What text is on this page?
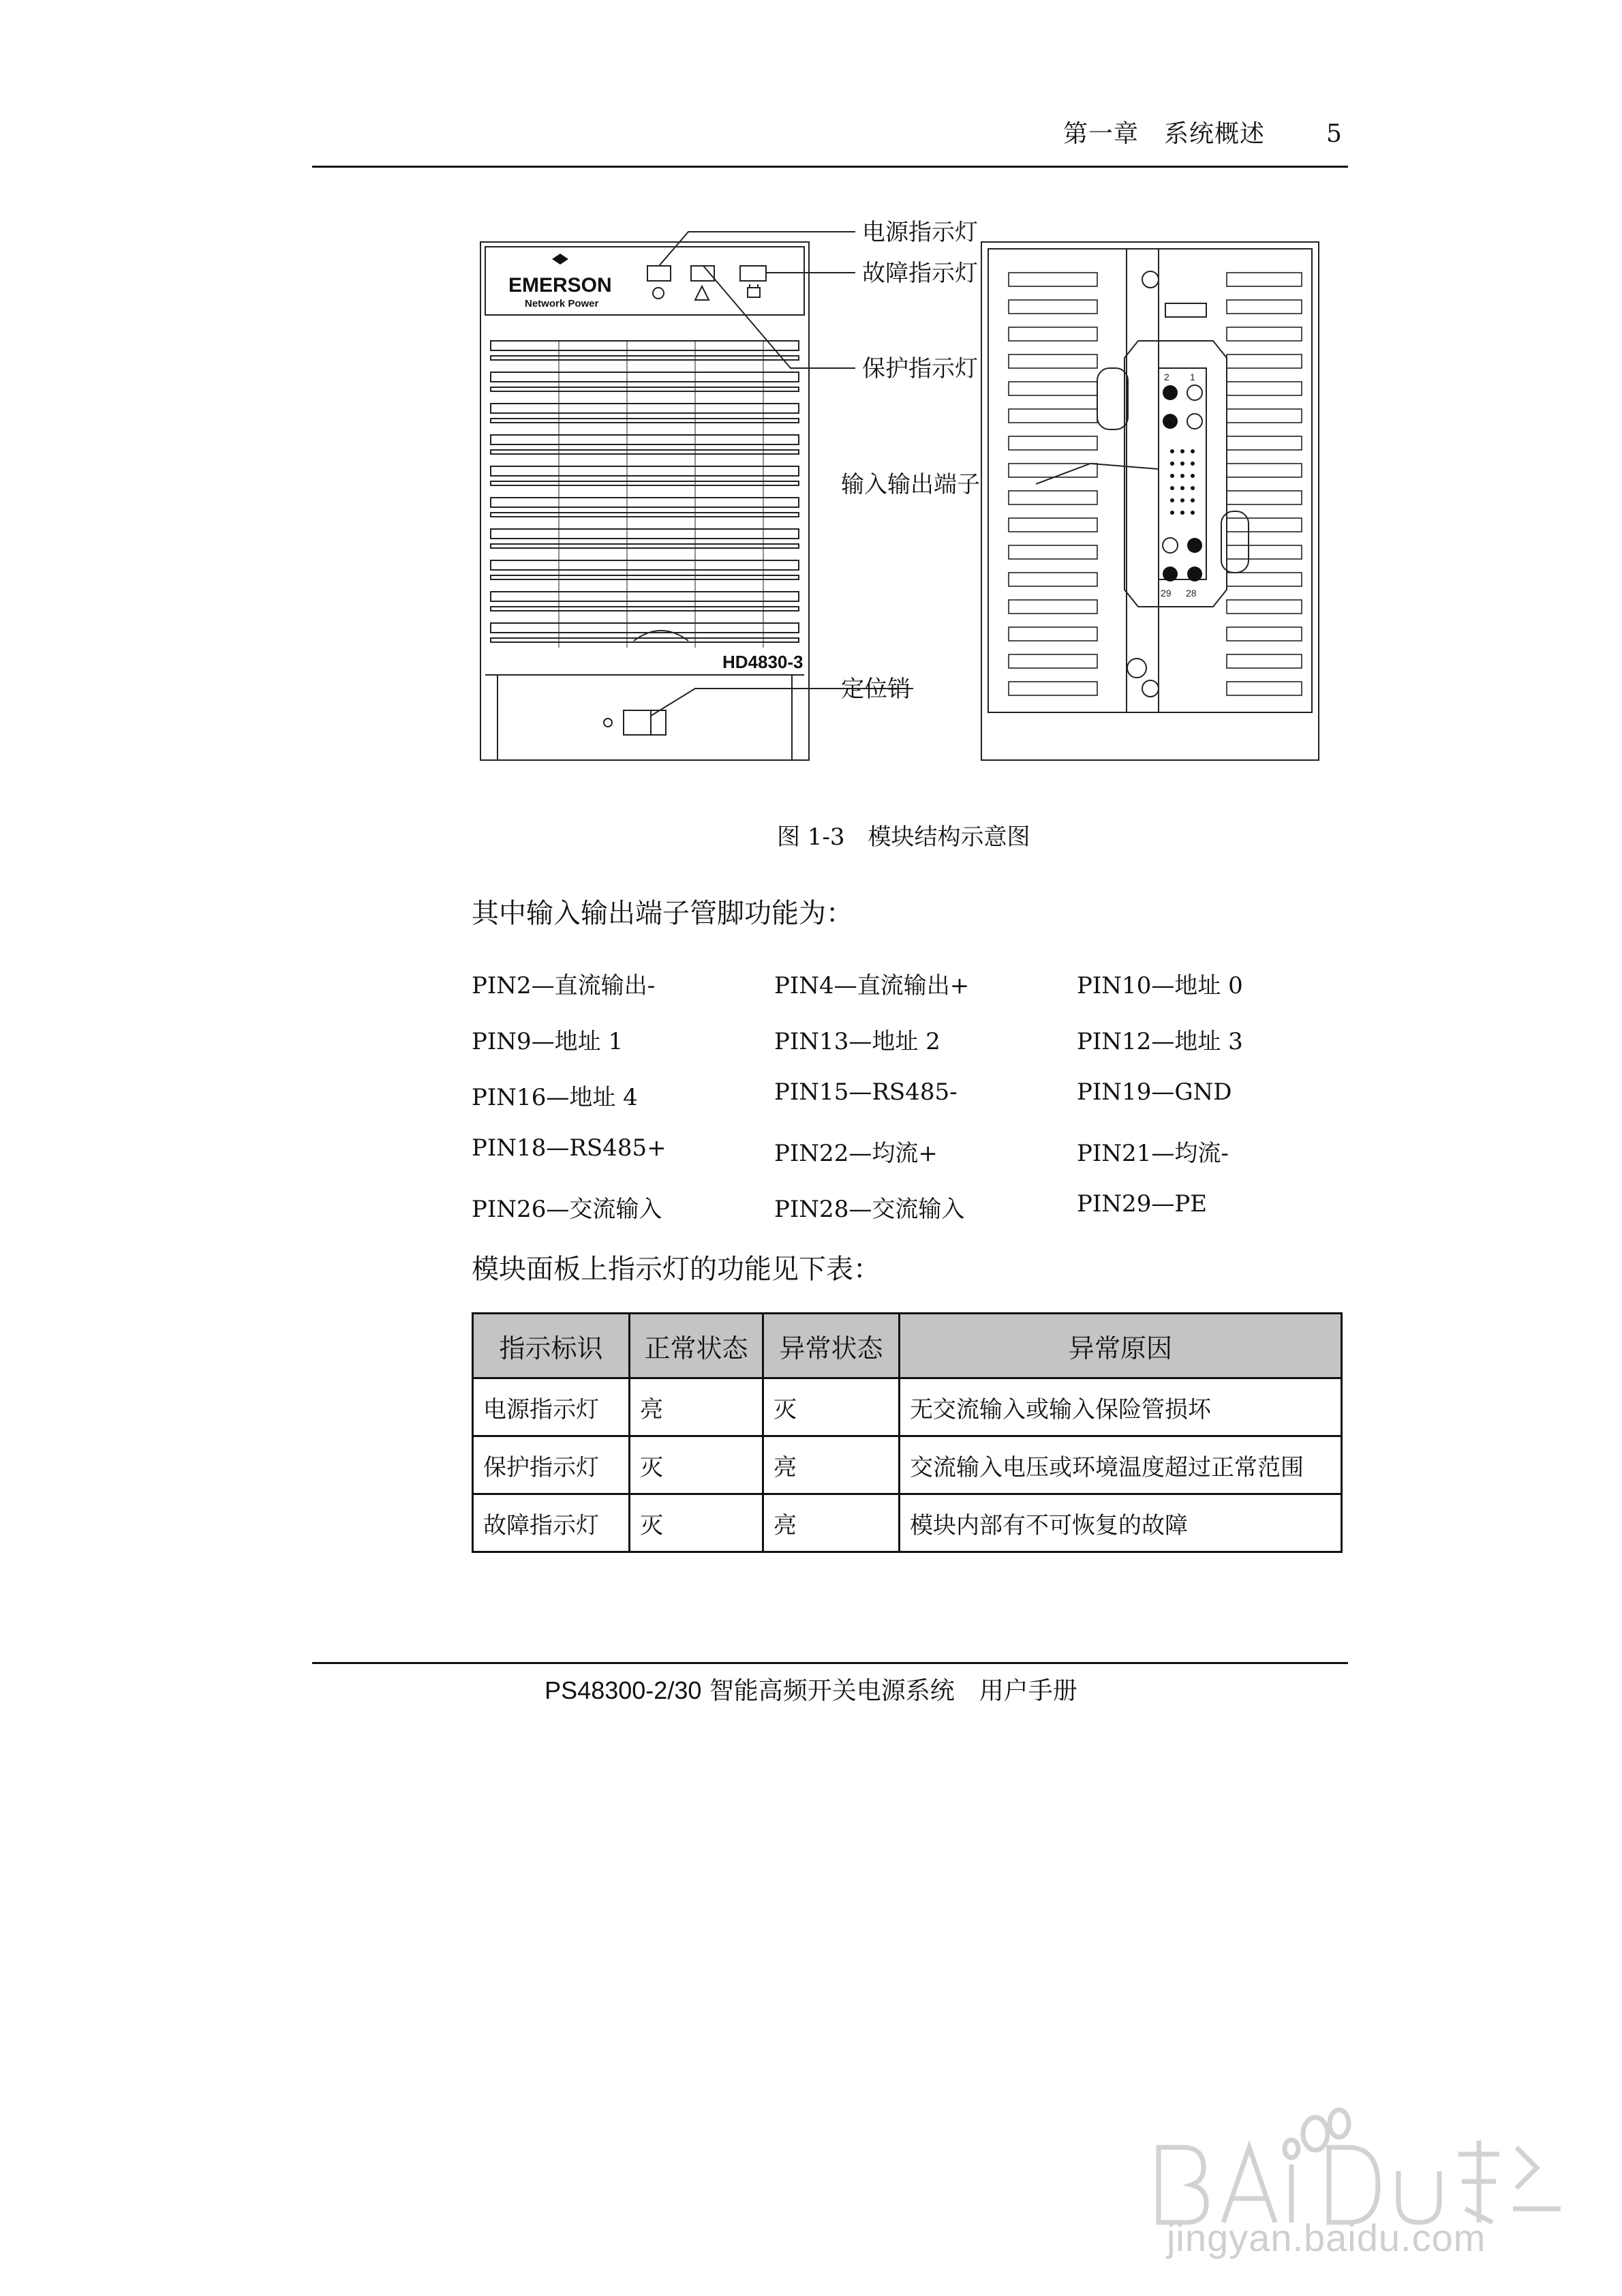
第一章　系统概述	5
2 1
29 28
EMERSON
Network Power
HD4830-3
电源指示灯
故障指示灯
保护指示灯
输入输出端子
定位销
图 1-3　模块结构示意图
其中输入输出端子管脚功能为：
PIN2—直流输出-	PIN4—直流输出+	PIN10—地址 0
PIN9—地址 1	PIN13—地址 2	PIN12—地址 3
PIN16—地址 4	PIN15—RS485-	PIN19—GND
PIN18—RS485+	PIN22—均流+	PIN21—均流-
PIN26—交流输入	PIN28—交流输入	PIN29—PE
模块面板上指示灯的功能见下表：
指示标识	正常状态	异常状态	异常原因
电源指示灯	亮	灭	无交流输入或输入保险管损坏
保护指示灯	灭	亮	交流输入电压或环境温度超过正常范围
故障指示灯	灭	亮	模块内部有不可恢复的故障
PS48300-2/30 智能高频开关电源系统　用户手册
jingyan.baidu.com
